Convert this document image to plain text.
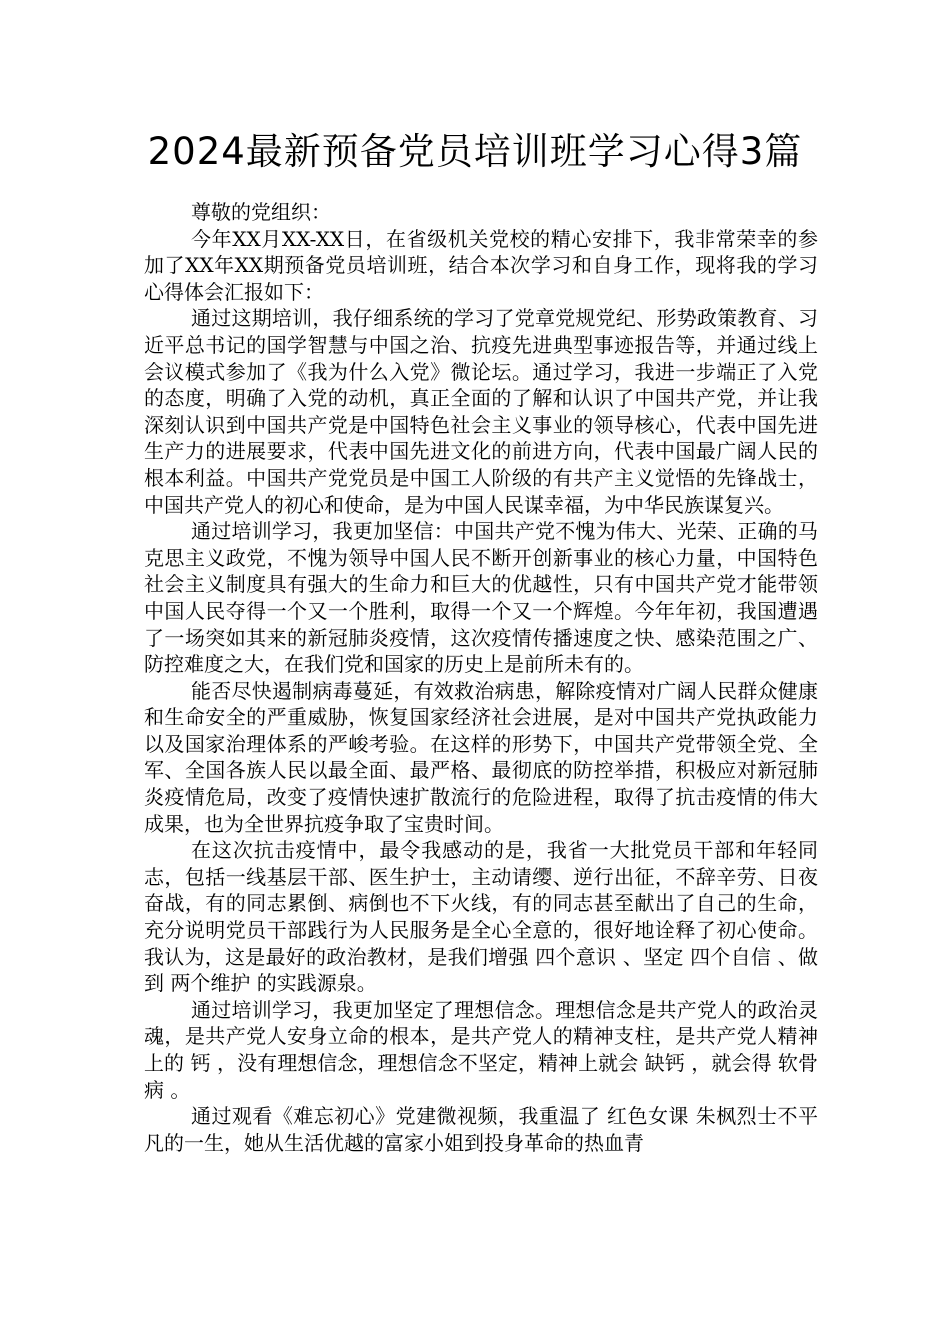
2024最新预备党员培训班学习心得3篇

尊敬的党组织：

今年XX月XX-XX日，在省级机关党校的精心安排下，我非常荣幸的参加了XX年XX期预备党员培训班，结合本次学习和自身工作，现将我的学习心得体会汇报如下：

通过这期培训，我仔细系统的学习了党章党规党纪、形势政策教育、习近平总书记的国学智慧与中国之治、抗疫先进典型事迹报告等，并通过线上会议模式参加了《我为什么入党》微论坛。通过学习，我进一步端正了入党的态度，明确了入党的动机，真正全面的了解和认识了中国共产党，并让我深刻认识到中国共产党是中国特色社会主义事业的领导核心，代表中国先进生产力的进展要求，代表中国先进文化的前进方向，代表中国最广阔人民的根本利益。中国共产党党员是中国工人阶级的有共产主义觉悟的先锋战士，中国共产党人的初心和使命，是为中国人民谋幸福，为中华民族谋复兴。

通过培训学习，我更加坚信：中国共产党不愧为伟大、光荣、正确的马克思主义政党，不愧为领导中国人民不断开创新事业的核心力量，中国特色社会主义制度具有强大的生命力和巨大的优越性，只有中国共产党才能带领中国人民夺得一个又一个胜利，取得一个又一个辉煌。今年年初，我国遭遇了一场突如其来的新冠肺炎疫情，这次疫情传播速度之快、感染范围之广、防控难度之大，在我们党和国家的历史上是前所未有的。

能否尽快遏制病毒蔓延，有效救治病患，解除疫情对广阔人民群众健康和生命安全的严重威胁，恢复国家经济社会进展，是对中国共产党执政能力以及国家治理体系的严峻考验。在这样的形势下，中国共产党带领全党、全军、全国各族人民以最全面、最严格、最彻底的防控举措，积极应对新冠肺炎疫情危局，改变了疫情快速扩散流行的危险进程，取得了抗击疫情的伟大成果，也为全世界抗疫争取了宝贵时间。

在这次抗击疫情中，最令我感动的是，我省一大批党员干部和年轻同志，包括一线基层干部、医生护士，主动请缨、逆行出征，不辞辛劳、日夜奋战，有的同志累倒、病倒也不下火线，有的同志甚至献出了自己的生命，充分说明党员干部践行为人民服务是全心全意的，很好地诠释了初心使命。我认为，这是最好的政治教材，是我们增强 四个意识 、坚定 四个自信 、做到 两个维护 的实践源泉。

通过培训学习，我更加坚定了理想信念。理想信念是共产党人的政治灵魂，是共产党人安身立命的根本，是共产党人的精神支柱，是共产党人精神上的 钙 ，没有理想信念，理想信念不坚定，精神上就会 缺钙 ，就会得 软骨病 。

通过观看《难忘初心》党建微视频，我重温了 红色女课 朱枫烈士不平凡的一生，她从生活优越的富家小姐到投身革命的热血青
